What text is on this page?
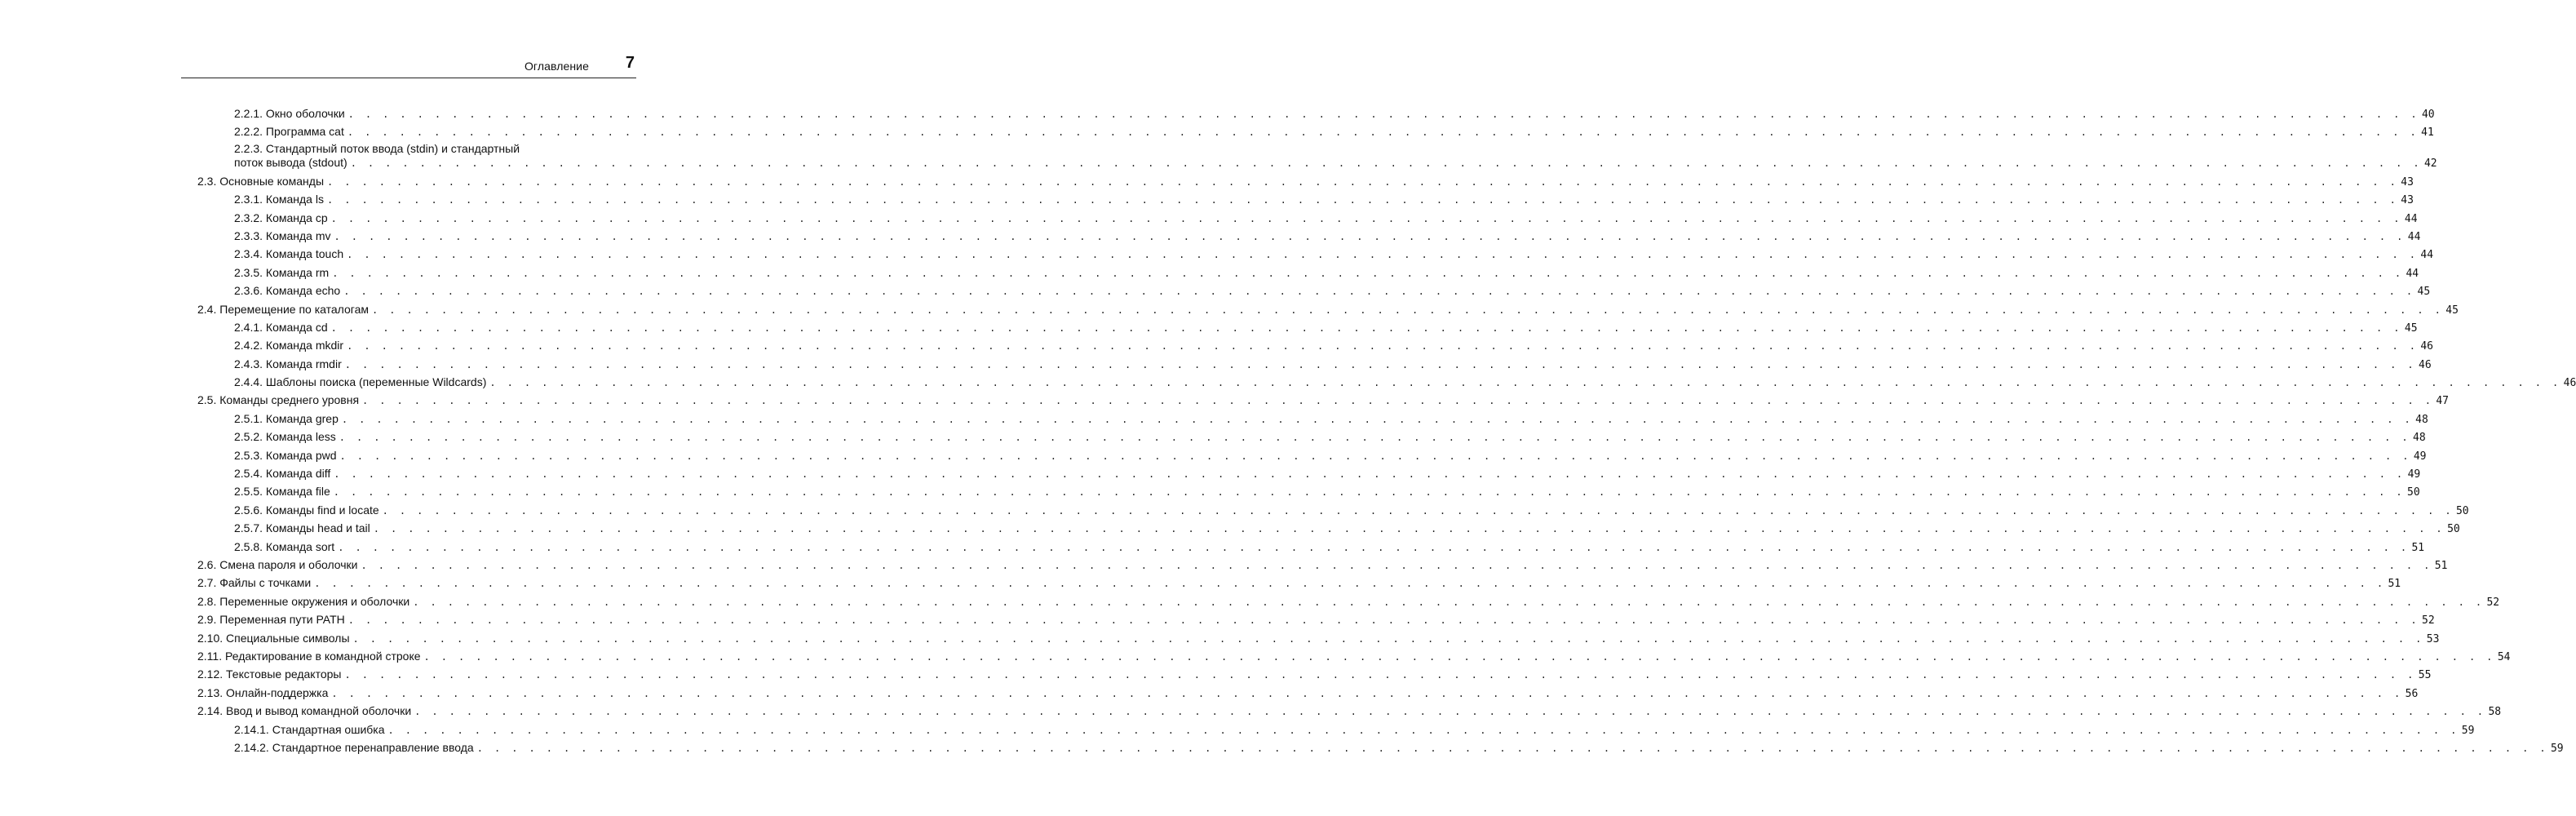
Оглавление 7
2.2.1. Окно оболочки . . . . . . . . . . . . . . . . . . . . . . . . . . . . . . . . . . . . . . . . . . . . . . . . . . . . . . . . . . . . . . . . . . . . . . . . . . . . . . . . . . . . . . . . . . . . . . . . . . . . . . . . . . . . . . . . . . . . . . . . 40
2.2.2. Программа cat . . . . . . . . . . . . . . . . . . . . . . . . . . . . . . . . . . . . . . . . . . . . . . . . . . . . . . . . . . . . . . . . . . . . . . . . . . . . . . . . . . . . . . . . . . . . . . . . . . . . . . . . . . . . . . . . . . . . . . . . 41
2.2.3. Стандартный поток ввода (stdin) и стандартный
поток вывода (stdout) . . . . . . . . . . . . . . . . . . . . . . . . . . . . . . . . . . . . . . . . . . . . . . . . . . . . . . . . . . . . . . . . . . . . . . . . . . . . . . . . . . . . . . . . . . . . . . . . . . . . . . . . . . . . . . . . . . . . . . . . 42
2.3. Основные команды . . . . . . . . . . . . . . . . . . . . . . . . . . . . . . . . . . . . . . . . . . . . . . . . . . . . . . . . . . . . . . . . . . . . . . . . . . . . . . . . . . . . . . . . . . . . . . . . . . . . . . . . . . . . . . . . . . . . . . . . 43
2.3.1. Команда ls . . . . . . . . . . . . . . . . . . . . . . . . . . . . . . . . . . . . . . . . . . . . . . . . . . . . . . . . . . . . . . . . . . . . . . . . . . . . . . . . . . . . . . . . . . . . . . . . . . . . . . . . . . . . . . . . . . . . . . . . 43
2.3.2. Команда cp . . . . . . . . . . . . . . . . . . . . . . . . . . . . . . . . . . . . . . . . . . . . . . . . . . . . . . . . . . . . . . . . . . . . . . . . . . . . . . . . . . . . . . . . . . . . . . . . . . . . . . . . . . . . . . . . . . . . . . . . 44
2.3.3. Команда mv . . . . . . . . . . . . . . . . . . . . . . . . . . . . . . . . . . . . . . . . . . . . . . . . . . . . . . . . . . . . . . . . . . . . . . . . . . . . . . . . . . . . . . . . . . . . . . . . . . . . . . . . . . . . . . . . . . . . . . . . 44
2.3.4. Команда touch . . . . . . . . . . . . . . . . . . . . . . . . . . . . . . . . . . . . . . . . . . . . . . . . . . . . . . . . . . . . . . . . . . . . . . . . . . . . . . . . . . . . . . . . . . . . . . . . . . . . . . . . . . . . . . . . . . . . . . . . 44
2.3.5. Команда rm . . . . . . . . . . . . . . . . . . . . . . . . . . . . . . . . . . . . . . . . . . . . . . . . . . . . . . . . . . . . . . . . . . . . . . . . . . . . . . . . . . . . . . . . . . . . . . . . . . . . . . . . . . . . . . . . . . . . . . . . 44
2.3.6. Команда echo . . . . . . . . . . . . . . . . . . . . . . . . . . . . . . . . . . . . . . . . . . . . . . . . . . . . . . . . . . . . . . . . . . . . . . . . . . . . . . . . . . . . . . . . . . . . . . . . . . . . . . . . . . . . . . . . . . . . . . . . 45
2.4. Перемещение по каталогам . . . . . . . . . . . . . . . . . . . . . . . . . . . . . . . . . . . . . . . . . . . . . . . . . . . . . . . . . . . . . . . . . . . . . . . . . . . . . . . . . . . . . . . . . . . . . . . . . . . . . . . . . . . . . . . . . . . . . . . . 45
2.4.1. Команда cd . . . . . . . . . . . . . . . . . . . . . . . . . . . . . . . . . . . . . . . . . . . . . . . . . . . . . . . . . . . . . . . . . . . . . . . . . . . . . . . . . . . . . . . . . . . . . . . . . . . . . . . . . . . . . . . . . . . . . . . . 45
2.4.2. Команда mkdir . . . . . . . . . . . . . . . . . . . . . . . . . . . . . . . . . . . . . . . . . . . . . . . . . . . . . . . . . . . . . . . . . . . . . . . . . . . . . . . . . . . . . . . . . . . . . . . . . . . . . . . . . . . . . . . . . . . . . . . . 46
2.4.3. Команда rmdir . . . . . . . . . . . . . . . . . . . . . . . . . . . . . . . . . . . . . . . . . . . . . . . . . . . . . . . . . . . . . . . . . . . . . . . . . . . . . . . . . . . . . . . . . . . . . . . . . . . . . . . . . . . . . . . . . . . . . . . . 46
2.4.4. Шаблоны поиска (переменные Wildcards) . . . . . . . . . . . . . . . . . . . . . . . . . . . . . . . . . . . . . . . . . . . . . . . . . . . . . . . . . . . . . . . . . . . . . . . . . . . . . . . . . . . . . . . . . . . . . . . . . . . . . . . . . . . . . . . . . . . . . . . . 46
2.5. Команды среднего уровня . . . . . . . . . . . . . . . . . . . . . . . . . . . . . . . . . . . . . . . . . . . . . . . . . . . . . . . . . . . . . . . . . . . . . . . . . . . . . . . . . . . . . . . . . . . . . . . . . . . . . . . . . . . . . . . . . . . . . . . . 47
2.5.1. Команда grep . . . . . . . . . . . . . . . . . . . . . . . . . . . . . . . . . . . . . . . . . . . . . . . . . . . . . . . . . . . . . . . . . . . . . . . . . . . . . . . . . . . . . . . . . . . . . . . . . . . . . . . . . . . . . . . . . . . . . . . . 48
2.5.2. Команда less . . . . . . . . . . . . . . . . . . . . . . . . . . . . . . . . . . . . . . . . . . . . . . . . . . . . . . . . . . . . . . . . . . . . . . . . . . . . . . . . . . . . . . . . . . . . . . . . . . . . . . . . . . . . . . . . . . . . . . . . 48
2.5.3. Команда pwd . . . . . . . . . . . . . . . . . . . . . . . . . . . . . . . . . . . . . . . . . . . . . . . . . . . . . . . . . . . . . . . . . . . . . . . . . . . . . . . . . . . . . . . . . . . . . . . . . . . . . . . . . . . . . . . . . . . . . . . . 49
2.5.4. Команда diff . . . . . . . . . . . . . . . . . . . . . . . . . . . . . . . . . . . . . . . . . . . . . . . . . . . . . . . . . . . . . . . . . . . . . . . . . . . . . . . . . . . . . . . . . . . . . . . . . . . . . . . . . . . . . . . . . . . . . . . . 49
2.5.5. Команда file . . . . . . . . . . . . . . . . . . . . . . . . . . . . . . . . . . . . . . . . . . . . . . . . . . . . . . . . . . . . . . . . . . . . . . . . . . . . . . . . . . . . . . . . . . . . . . . . . . . . . . . . . . . . . . . . . . . . . . . . 50
2.5.6. Команды find и locate . . . . . . . . . . . . . . . . . . . . . . . . . . . . . . . . . . . . . . . . . . . . . . . . . . . . . . . . . . . . . . . . . . . . . . . . . . . . . . . . . . . . . . . . . . . . . . . . . . . . . . . . . . . . . . . . . . . . . . . . 50
2.5.7. Команды head и tail . . . . . . . . . . . . . . . . . . . . . . . . . . . . . . . . . . . . . . . . . . . . . . . . . . . . . . . . . . . . . . . . . . . . . . . . . . . . . . . . . . . . . . . . . . . . . . . . . . . . . . . . . . . . . . . . . . . . . . . . 50
2.5.8. Команда sort . . . . . . . . . . . . . . . . . . . . . . . . . . . . . . . . . . . . . . . . . . . . . . . . . . . . . . . . . . . . . . . . . . . . . . . . . . . . . . . . . . . . . . . . . . . . . . . . . . . . . . . . . . . . . . . . . . . . . . . . 51
2.6. Смена пароля и оболочки . . . . . . . . . . . . . . . . . . . . . . . . . . . . . . . . . . . . . . . . . . . . . . . . . . . . . . . . . . . . . . . . . . . . . . . . . . . . . . . . . . . . . . . . . . . . . . . . . . . . . . . . . . . . . . . . . . . . . . . . 51
2.7. Файлы с точками . . . . . . . . . . . . . . . . . . . . . . . . . . . . . . . . . . . . . . . . . . . . . . . . . . . . . . . . . . . . . . . . . . . . . . . . . . . . . . . . . . . . . . . . . . . . . . . . . . . . . . . . . . . . . . . . . . . . . . . . 51
2.8. Переменные окружения и оболочки . . . . . . . . . . . . . . . . . . . . . . . . . . . . . . . . . . . . . . . . . . . . . . . . . . . . . . . . . . . . . . . . . . . . . . . . . . . . . . . . . . . . . . . . . . . . . . . . . . . . . . . . . . . . . . . . . . . . . . . . 52
2.9. Переменная пути PATH . . . . . . . . . . . . . . . . . . . . . . . . . . . . . . . . . . . . . . . . . . . . . . . . . . . . . . . . . . . . . . . . . . . . . . . . . . . . . . . . . . . . . . . . . . . . . . . . . . . . . . . . . . . . . . . . . . . . . . . . 52
2.10. Специальные символы . . . . . . . . . . . . . . . . . . . . . . . . . . . . . . . . . . . . . . . . . . . . . . . . . . . . . . . . . . . . . . . . . . . . . . . . . . . . . . . . . . . . . . . . . . . . . . . . . . . . . . . . . . . . . . . . . . . . . . . . 53
2.11. Редактирование в командной строке . . . . . . . . . . . . . . . . . . . . . . . . . . . . . . . . . . . . . . . . . . . . . . . . . . . . . . . . . . . . . . . . . . . . . . . . . . . . . . . . . . . . . . . . . . . . . . . . . . . . . . . . . . . . . . . . . . . . . . . . 54
2.12. Текстовые редакторы . . . . . . . . . . . . . . . . . . . . . . . . . . . . . . . . . . . . . . . . . . . . . . . . . . . . . . . . . . . . . . . . . . . . . . . . . . . . . . . . . . . . . . . . . . . . . . . . . . . . . . . . . . . . . . . . . . . . . . . . 55
2.13. Онлайн-поддержка . . . . . . . . . . . . . . . . . . . . . . . . . . . . . . . . . . . . . . . . . . . . . . . . . . . . . . . . . . . . . . . . . . . . . . . . . . . . . . . . . . . . . . . . . . . . . . . . . . . . . . . . . . . . . . . . . . . . . . . . 56
2.14. Ввод и вывод командной оболочки . . . . . . . . . . . . . . . . . . . . . . . . . . . . . . . . . . . . . . . . . . . . . . . . . . . . . . . . . . . . . . . . . . . . . . . . . . . . . . . . . . . . . . . . . . . . . . . . . . . . . . . . . . . . . . . . . . . . . . . . 58
2.14.1. Стандартная ошибка . . . . . . . . . . . . . . . . . . . . . . . . . . . . . . . . . . . . . . . . . . . . . . . . . . . . . . . . . . . . . . . . . . . . . . . . . . . . . . . . . . . . . . . . . . . . . . . . . . . . . . . . . . . . . . . . . . . . . . . . 59
2.14.2. Стандартное перенаправление ввода . . . . . . . . . . . . . . . . . . . . . . . . . . . . . . . . . . . . . . . . . . . . . . . . . . . . . . . . . . . . . . . . . . . . . . . . . . . . . . . . . . . . . . . . . . . . . . . . . . . . . . . . . . . . . . . . . . . . . . . . 59
